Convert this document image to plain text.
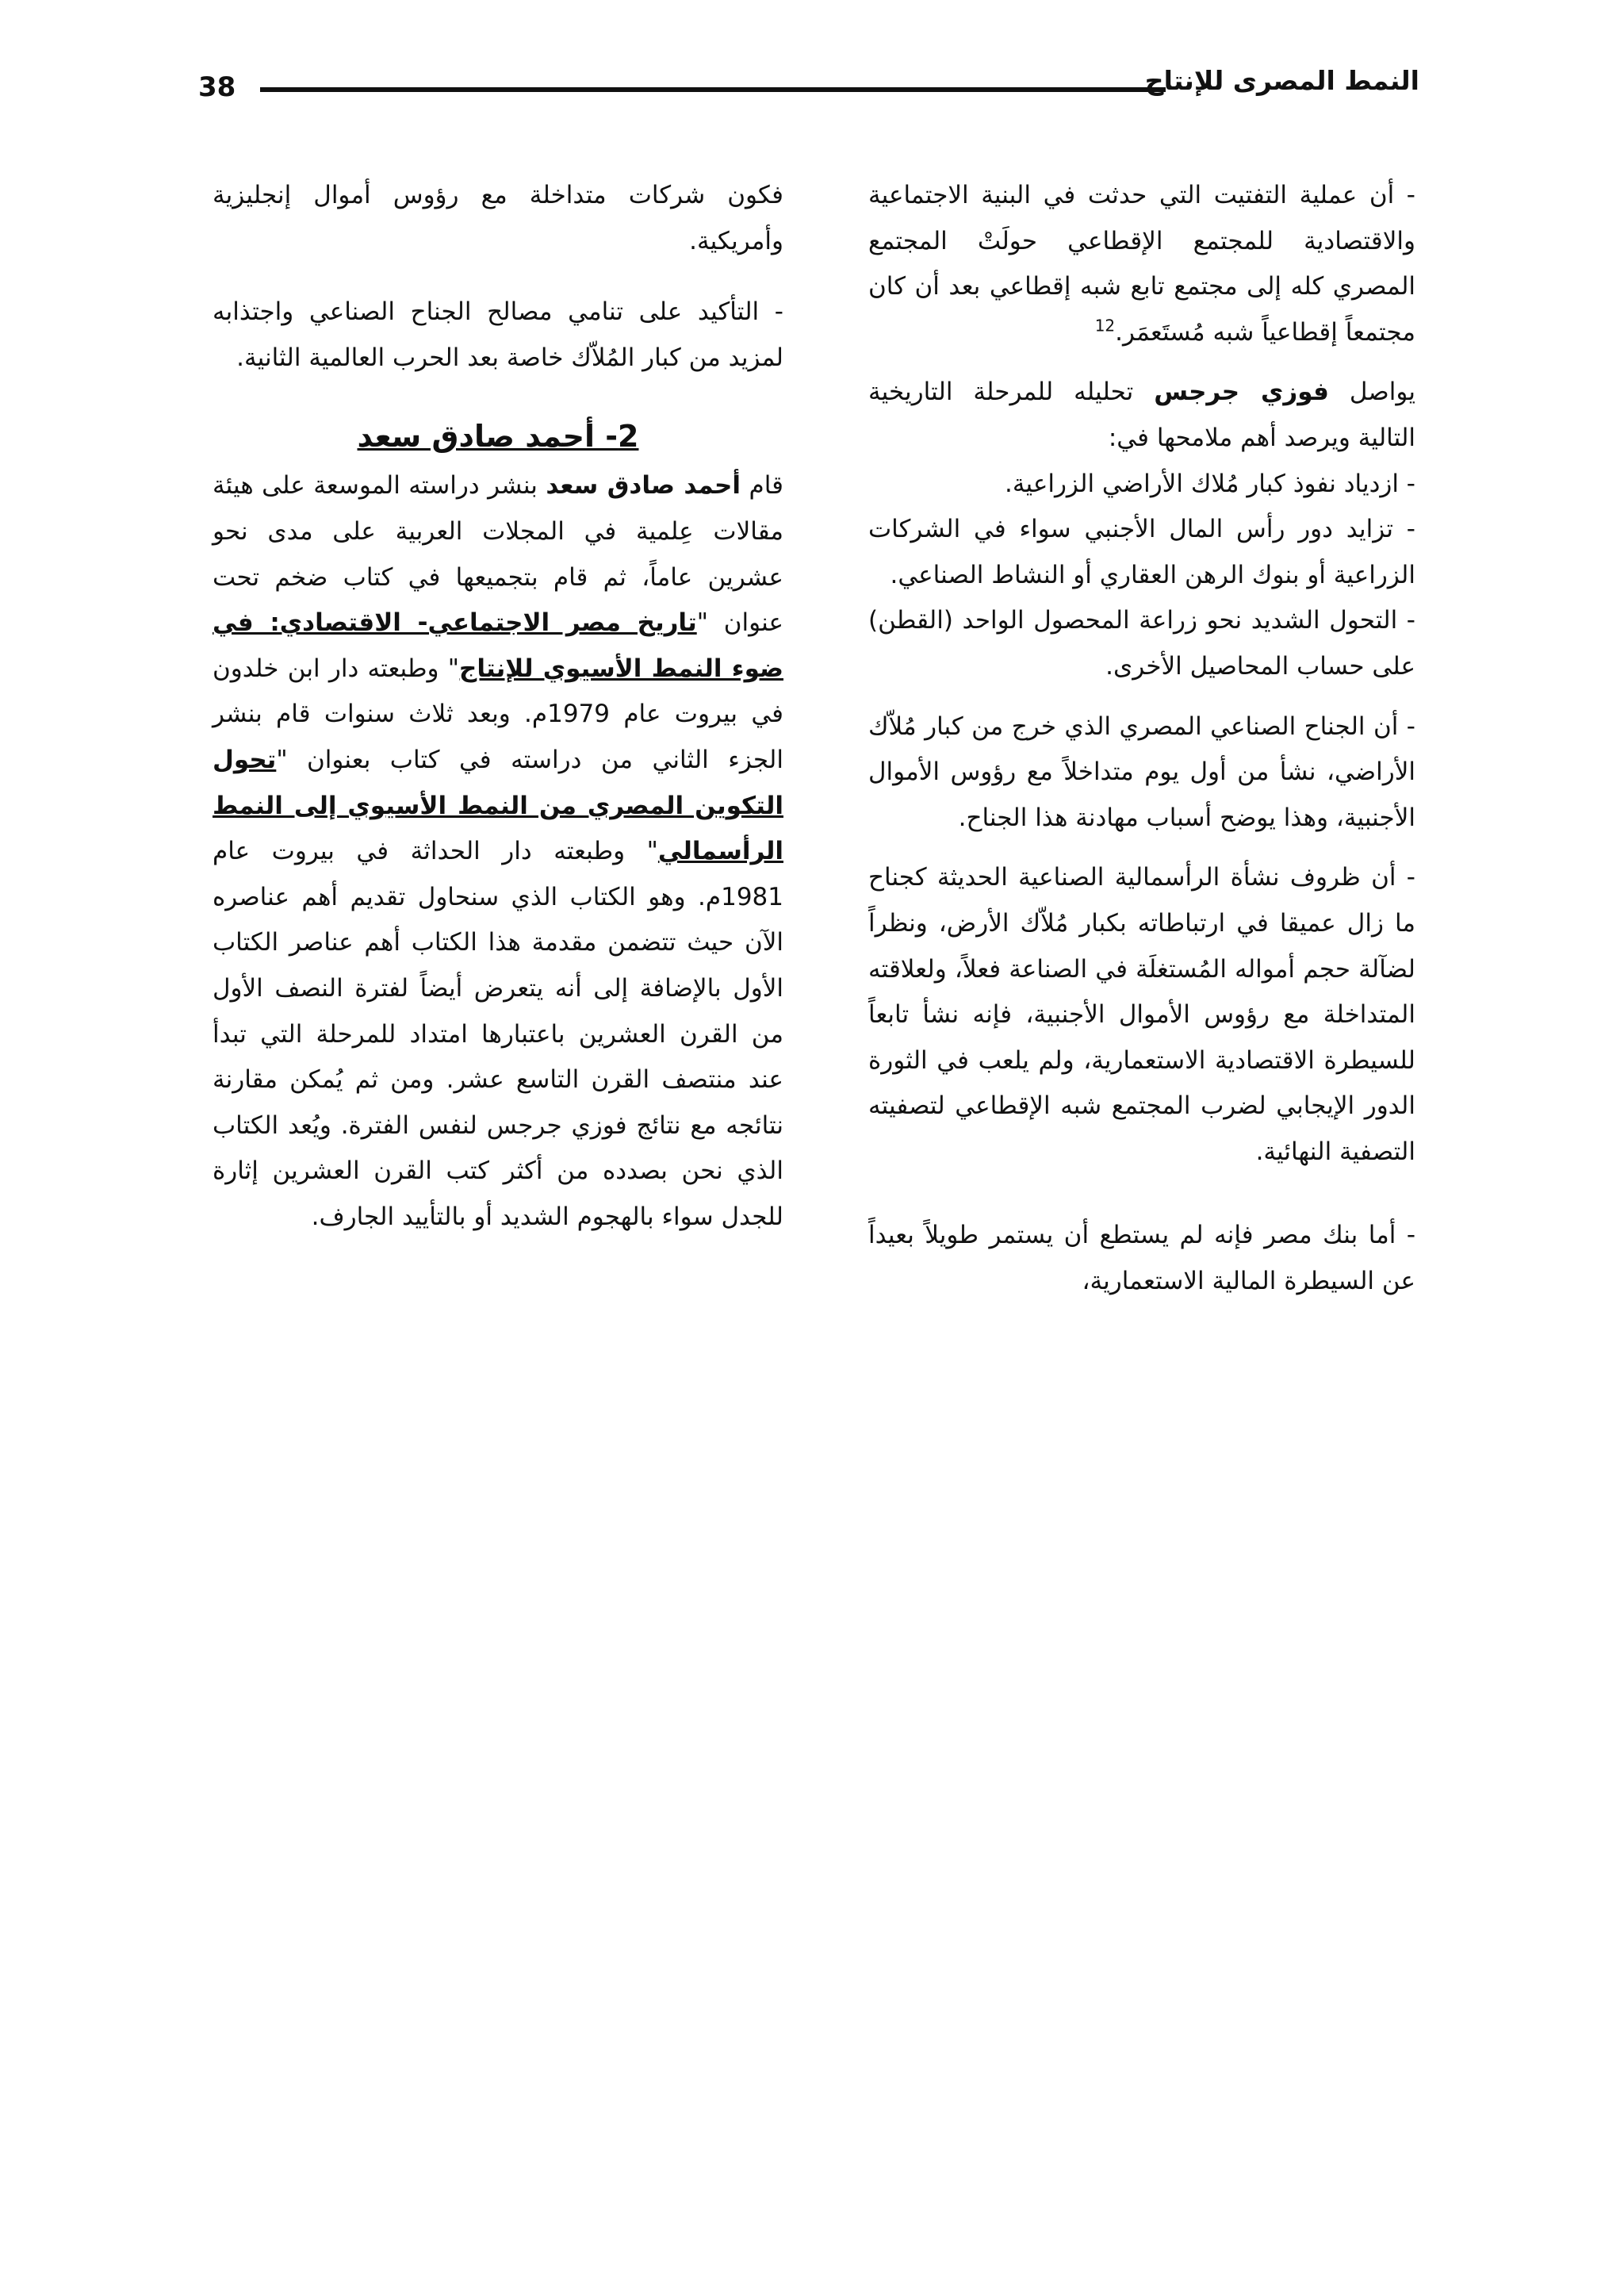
38	النمط المصرى للإنتاج

- أن عملية التفتيت التي حدثت في البنية الاجتماعية والاقتصادية للمجتمع الإقطاعي حولَتْ المجتمع المصري كله إلى مجتمع تابع شبه إقطاعي بعد أن كان مجتمعاً إقطاعياً شبه مُستَعمَر.$^{12}$

يواصل فوزي جرجس تحليله للمرحلة التاريخية التالية ويرصد أهم ملامحها في:

- ازدياد نفوذ كبار مُلاك الأراضي الزراعية.

- تزايد دور رأس المال الأجنبي سواء في الشركات الزراعية أو بنوك الرهن العقاري أو النشاط الصناعي.

- التحول الشديد نحو زراعة المحصول الواحد (القطن) على حساب المحاصيل الأخرى.

- أن الجناح الصناعي المصري الذي خرج من كبار مُلاّك الأراضي، نشأ من أول يوم متداخلاً مع رؤوس الأموال الأجنبية، وهذا يوضح أسباب مهادنة هذا الجناح.

- أن ظروف نشأة الرأسمالية الصناعية الحديثة كجناح ما زال عميقا في ارتباطاته بكبار مُلاّك الأرض، ونظراً لضآلة حجم أمواله المُستغلَة في الصناعة فعلاً، ولعلاقته المتداخلة مع رؤوس الأموال الأجنبية، فإنه نشأ تابعاً للسيطرة الاقتصادية الاستعمارية، ولم يلعب في الثورة الدور الإيجابي لضرب المجتمع شبه الإقطاعي لتصفيته التصفية النهائية.

- أما بنك مصر فإنه لم يستطع أن يستمر طويلاً بعيداً عن السيطرة المالية الاستعمارية،

فكون شركات متداخلة مع رؤوس أموال إنجليزية وأمريكية.

- التأكيد على تنامي مصالح الجناح الصناعي واجتذابه لمزيد من كبار المُلاّك خاصة بعد الحرب العالمية الثانية.

2- أحمد صادق سعد

قام أحمد صادق سعد بنشر دراسته الموسعة على هيئة مقالات عِلمية في المجلات العربية على مدى نحو عشرين عاماً، ثم قام بتجميعها في كتاب ضخم تحت عنوان "تاريخ مصر الاجتماعي- الاقتصادي: في ضوء النمط الأسيوي للإنتاج" وطبعته دار ابن خلدون في بيروت عام 1979م. وبعد ثلاث سنوات قام بنشر الجزء الثاني من دراسته في كتاب بعنوان "تحول التكوين المصري من النمط الأسيوي إلى النمط الرأسمالي" وطبعته دار الحداثة في بيروت عام 1981م. وهو الكتاب الذي سنحاول تقديم أهم عناصره الآن حيث تتضمن مقدمة هذا الكتاب أهم عناصر الكتاب الأول بالإضافة إلى أنه يتعرض أيضاً لفترة النصف الأول من القرن العشرين باعتبارها امتداد للمرحلة التي تبدأ عند منتصف القرن التاسع عشر. ومن ثم يُمكن مقارنة نتائجه مع نتائج فوزي جرجس لنفس الفترة. ويُعد الكتاب الذي نحن بصدده من أكثر كتب القرن العشرين إثارة للجدل سواء بالهجوم الشديد أو بالتأييد الجارف.
